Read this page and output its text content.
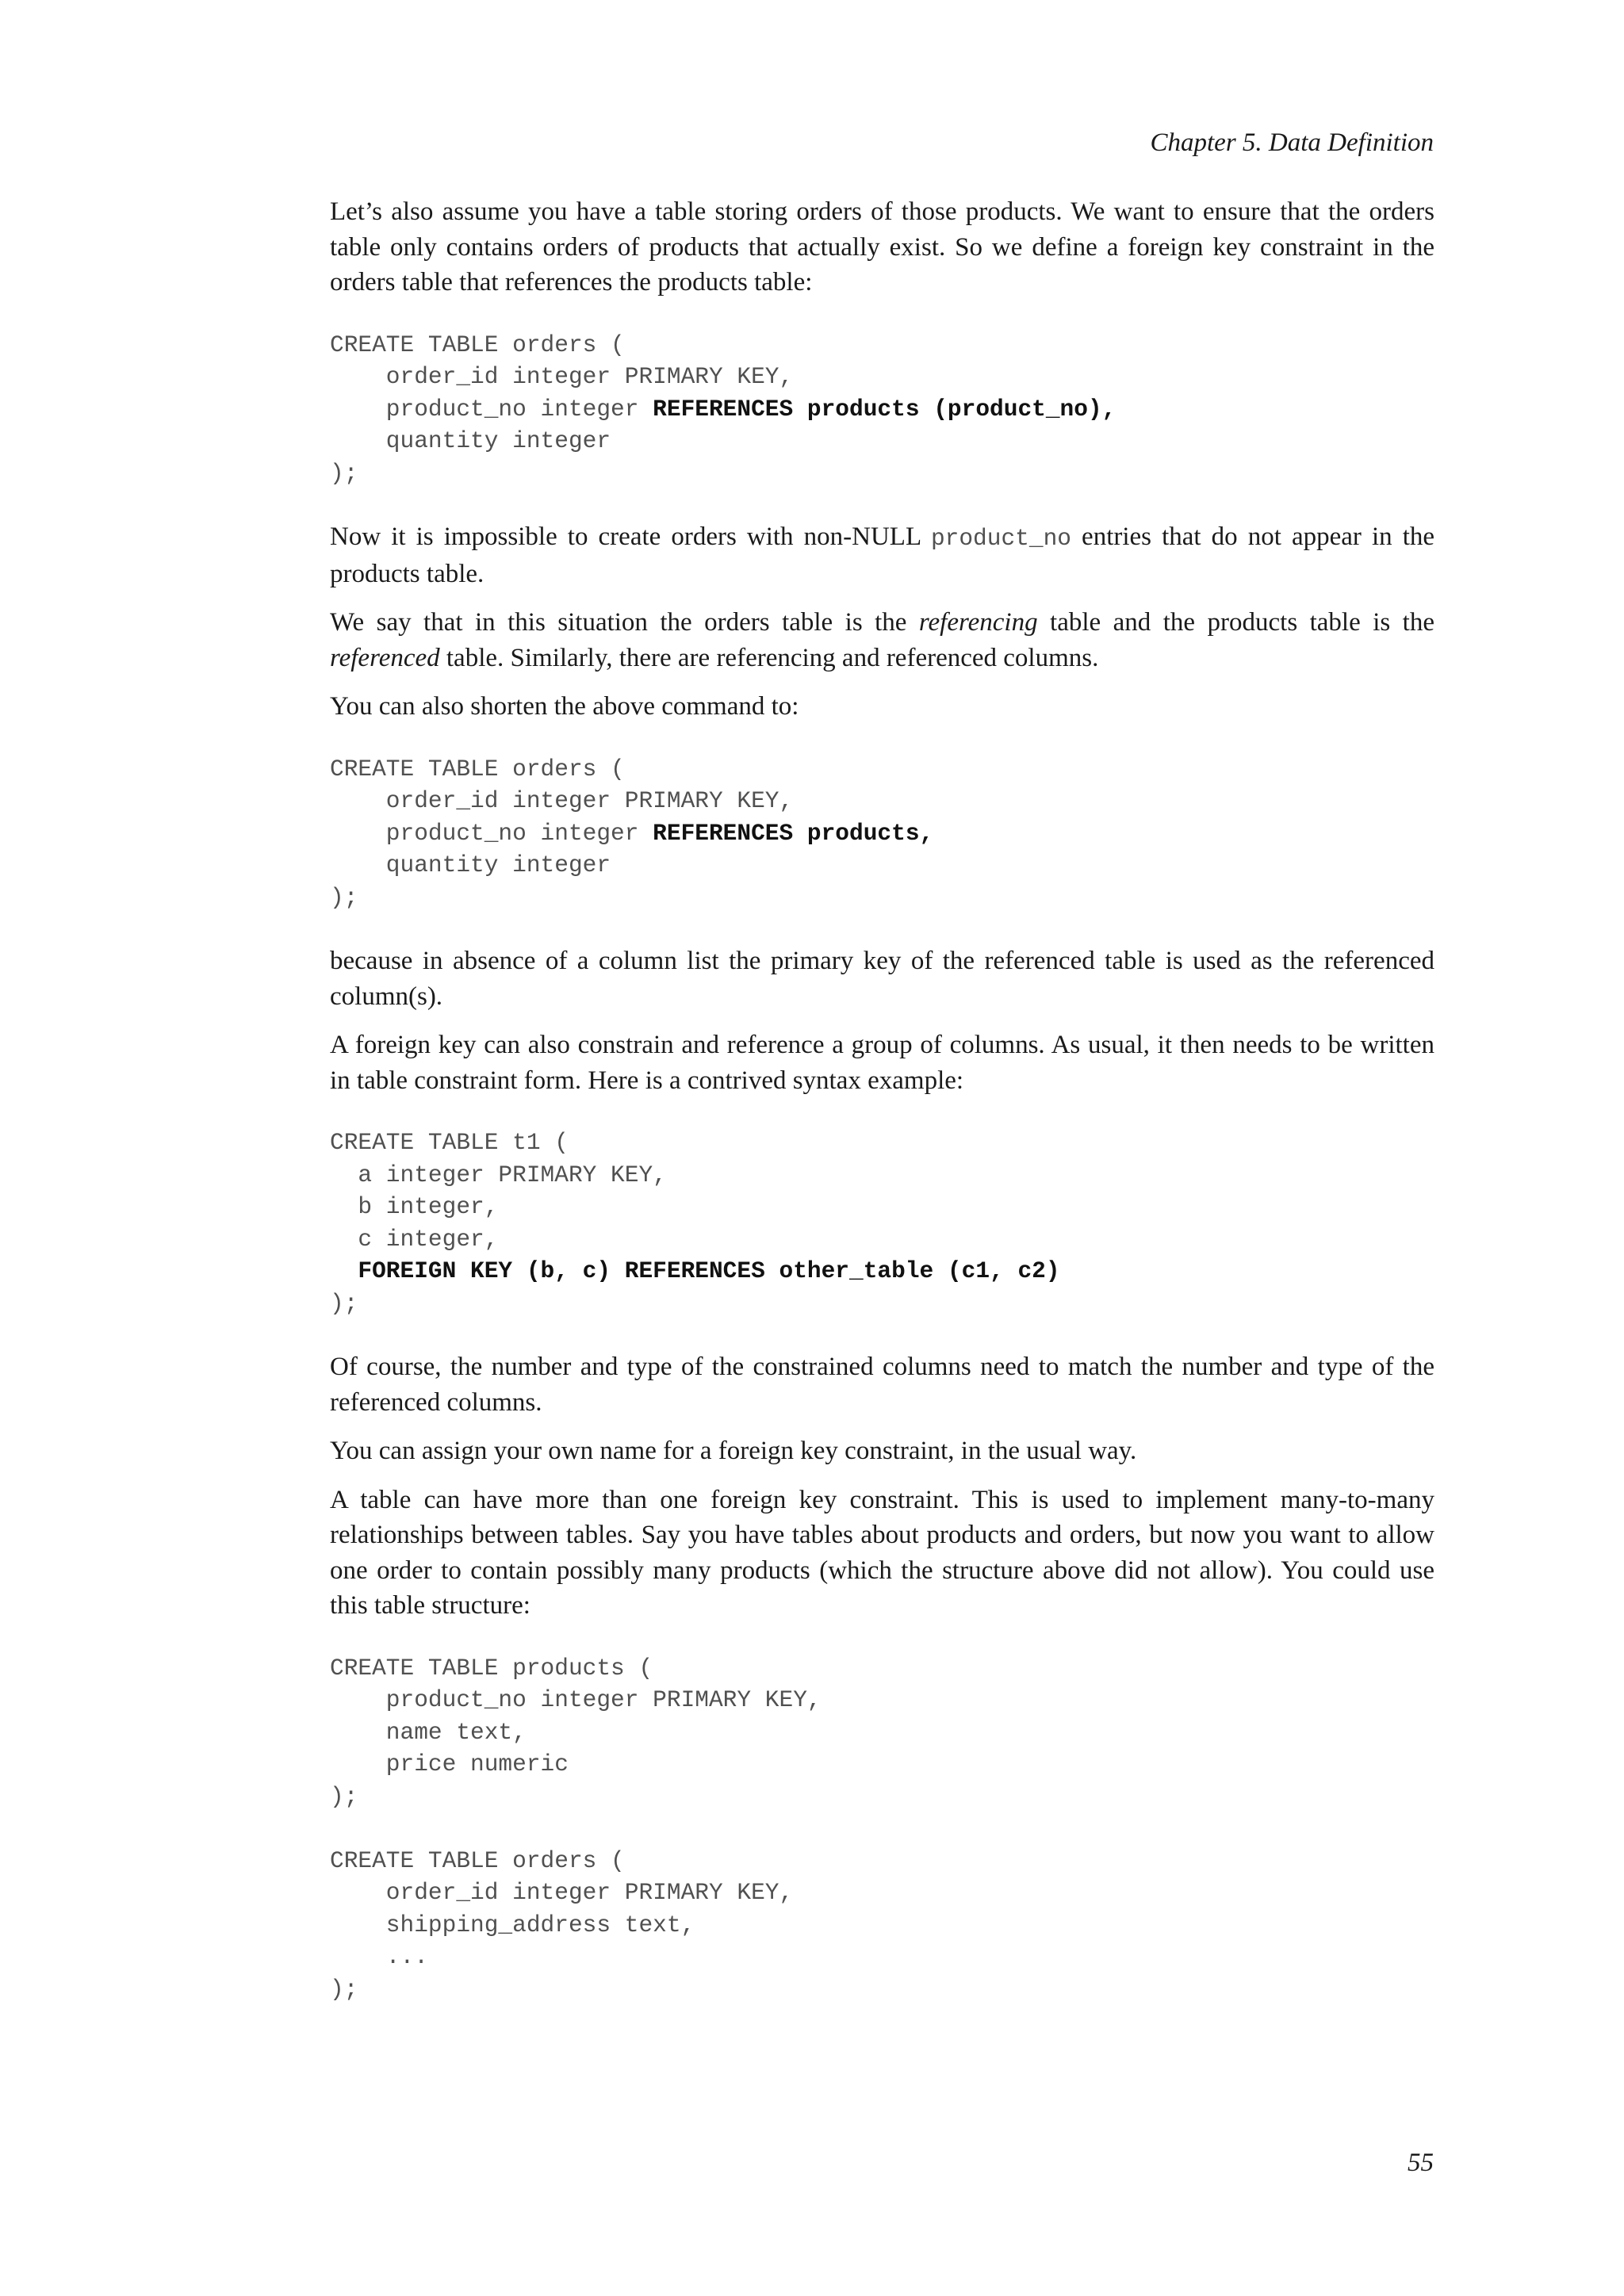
Chapter 5. Data Definition

Let’s also assume you have a table storing orders of those products. We want to ensure that the orders table only contains orders of products that actually exist. So we define a foreign key constraint in the orders table that references the products table:

CREATE TABLE orders (
order_id integer PRIMARY KEY,
product_no integer REFERENCES products (product_no),
quantity integer
);

Now it is impossible to create orders with non-NULL product_no entries that do not appear in the products table.

We say that in this situation the orders table is the referencing table and the products table is the referenced table. Similarly, there are referencing and referenced columns.

You can also shorten the above command to:

CREATE TABLE orders (
order_id integer PRIMARY KEY,
product_no integer REFERENCES products,
quantity integer
);

because in absence of a column list the primary key of the referenced table is used as the referenced column(s).

A foreign key can also constrain and reference a group of columns. As usual, it then needs to be written in table constraint form. Here is a contrived syntax example:

CREATE TABLE t1 (
a integer PRIMARY KEY,
b integer,
c integer,
FOREIGN KEY (b, c) REFERENCES other_table (c1, c2)
);

Of course, the number and type of the constrained columns need to match the number and type of the referenced columns.

You can assign your own name for a foreign key constraint, in the usual way.

A table can have more than one foreign key constraint. This is used to implement many-to-many relationships between tables. Say you have tables about products and orders, but now you want to allow one order to contain possibly many products (which the structure above did not allow). You could use this table structure:

CREATE TABLE products (
product_no integer PRIMARY KEY,
name text,
price numeric
);

CREATE TABLE orders (
order_id integer PRIMARY KEY,
shipping_address text,
...
);
55
